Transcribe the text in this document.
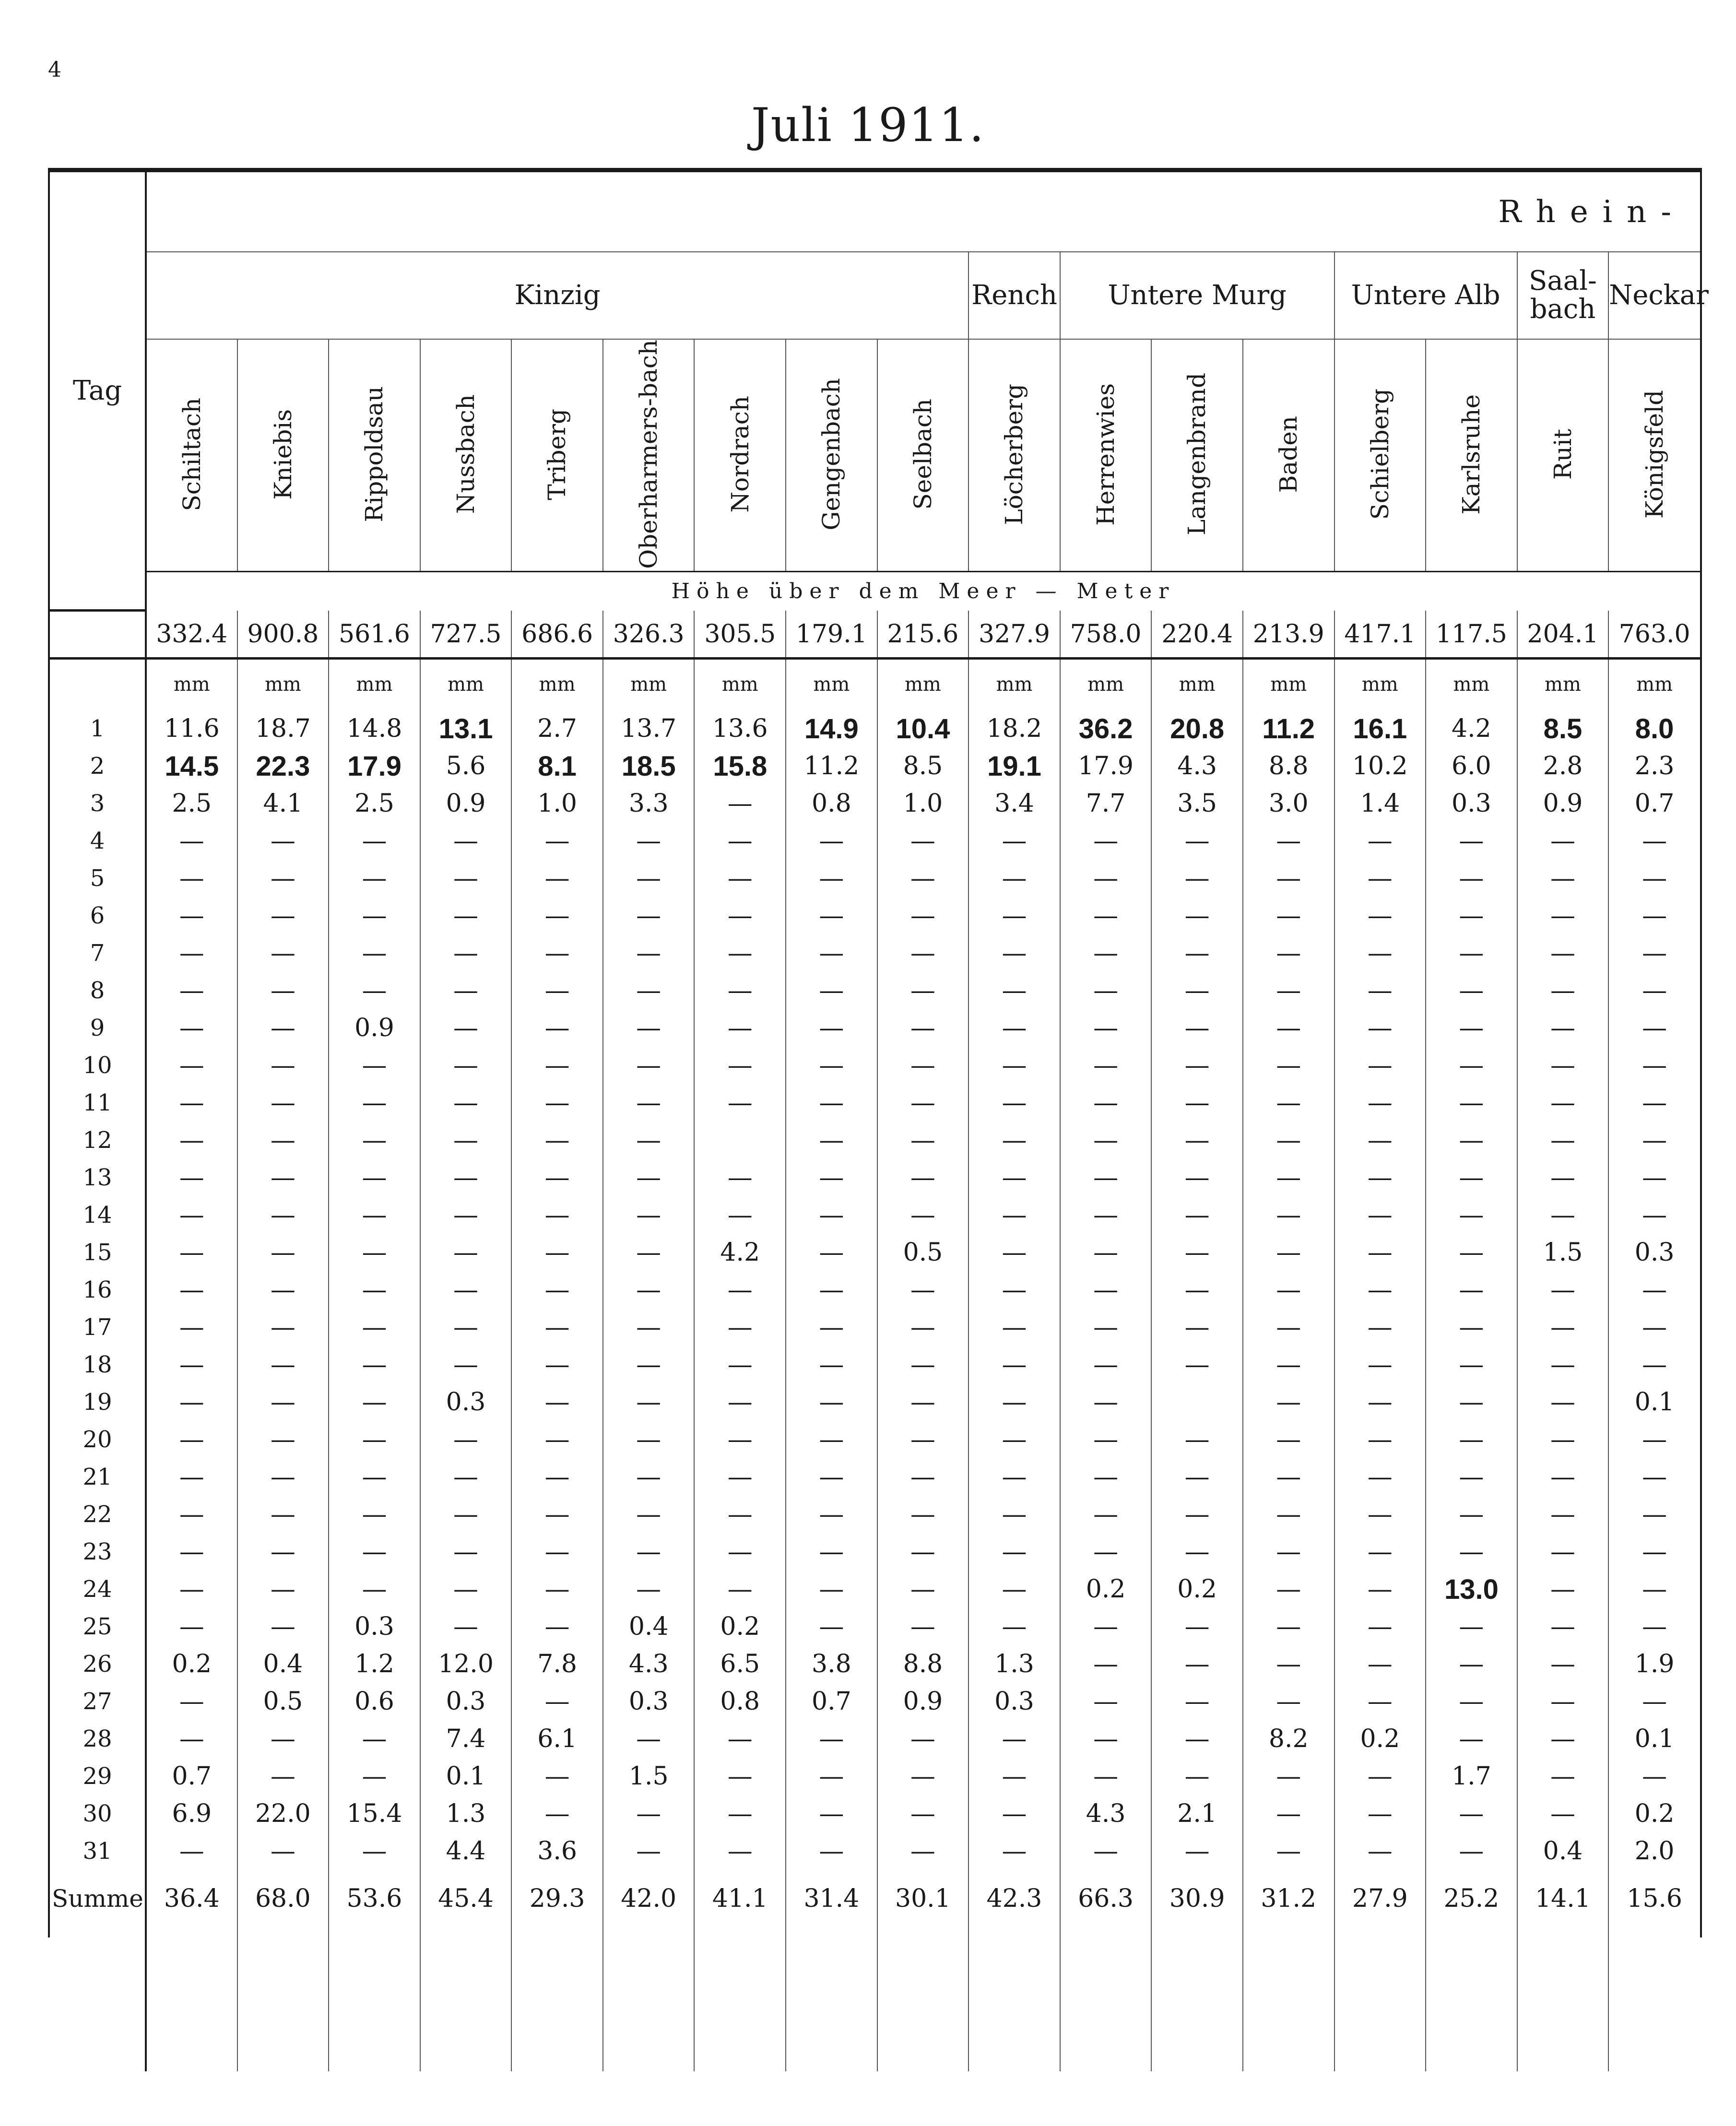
4
Juli 1911.
Tag	Rhein-																
	Kinzig									Rench	Untere Murg			Untere Alb		Saal-bach	Neckar
	Schiltach	Kniebis	Rippoldsau	Nussbach	Triberg	Oberharmers-bach	Nordrach	Gengenbach	Seelbach	Löcherberg	Herrenwies	Langenbrand	Baden	Schielberg	Karlsruhe	Ruit	Königsfeld
	Höhe über dem Meer — Meter																
	332.4	900.8	561.6	727.5	686.6	326.3	305.5	179.1	215.6	327.9	758.0	220.4	213.9	417.1	117.5	204.1	763.0
	mm	mm	mm	mm	mm	mm	mm	mm	mm	mm	mm	mm	mm	mm	mm	mm	mm
1	11.6	18.7	14.8	13.1	2.7	13.7	13.6	14.9	10.4	18.2	36.2	20.8	11.2	16.1	4.2	8.5	8.0
2	14.5	22.3	17.9	5.6	8.1	18.5	15.8	11.2	8.5	19.1	17.9	4.3	8.8	10.2	6.0	2.8	2.3
3	2.5	4.1	2.5	0.9	1.0	3.3	—	0.8	1.0	3.4	7.7	3.5	3.0	1.4	0.3	0.9	0.7
4	—	—	—	—	—	—	—	—	—	—	—	—	—	—	—	—	—
5	—	—	—	—	—	—	—	—	—	—	—	—	—	—	—	—	—
6	—	—	—	—	—	—	—	—	—	—	—	—	—	—	—	—	—
7	—	—	—	—	—	—	—	—	—	—	—	—	—	—	—	—	—
8	—	—	—	—	—	—	—	—	—	—	—	—	—	—	—	—	—
9	—	—	0.9	—	—	—	—	—	—	—	—	—	—	—	—	—	—
10	—	—	—	—	—	—	—	—	—	—	—	—	—	—	—	—	—
11	—	—	—	—	—	—	—	—	—	—	—	—	—	—	—	—	—
12	—	—	—	—	—	—		—	—	—	—	—	—	—	—	—	—
13	—	—	—	—	—	—	—	—	—	—	—	—	—	—	—	—	—
14	—	—	—	—	—	—	—	—	—	—	—	—	—	—	—	—	—
15	—	—	—	—	—	—	4.2	—	0.5	—	—	—	—	—	—	1.5	0.3
16	—	—	—	—	—	—	—	—	—	—	—	—	—	—	—	—	—
17	—	—	—	—	—	—	—	—	—	—	—	—	—	—	—	—	—
18	—	—	—	—	—	—	—	—	—	—	—	—	—	—	—	—	—
19	—	—	—	0.3	—	—	—	—	—	—	—		—	—	—	—	0.1
20	—	—	—	—	—	—	—	—	—	—	—	—	—	—	—	—	—
21	—	—	—	—	—	—	—	—	—	—	—	—	—	—	—	—	—
22	—	—	—	—	—	—	—	—	—	—	—	—	—	—	—	—	—
23	—	—	—	—	—	—	—	—	—	—	—	—	—	—	—	—	—
24	—	—	—	—	—	—	—	—	—	—	0.2	0.2	—	—	13.0	—	—
25	—	—	0.3	—	—	0.4	0.2	—	—	—	—	—	—	—	—	—	—
26	0.2	0.4	1.2	12.0	7.8	4.3	6.5	3.8	8.8	1.3	—	—	—	—	—	—	1.9
27	—	0.5	0.6	0.3	—	0.3	0.8	0.7	0.9	0.3	—	—	—	—	—	—	—
28	—	—	—	7.4	6.1	—	—	—	—	—	—	—	8.2	0.2	—	—	0.1
29	0.7	—	—	0.1	—	1.5	—	—	—	—	—	—	—	—	1.7	—	—
30	6.9	22.0	15.4	1.3	—	—	—	—	—	—	4.3	2.1	—	—	—	—	0.2
31	—	—	—	4.4	3.6	—	—	—	—	—	—	—	—	—	—	0.4	2.0
Summe	36.4	68.0	53.6	45.4	29.3	42.0	41.1	31.4	30.1	42.3	66.3	30.9	31.2	27.9	25.2	14.1	15.6
